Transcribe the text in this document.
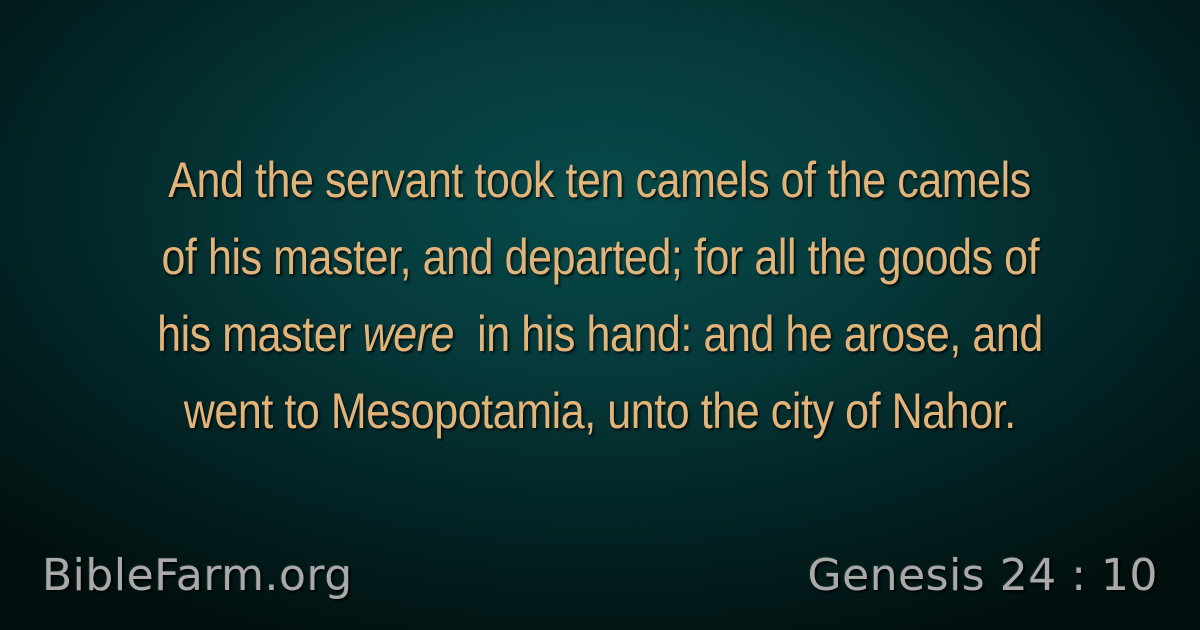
And the servant took ten camels of the camels
of his master, and departed; for all the goods of
his master were  in his hand: and he arose, and
went to Mesopotamia, unto the city of Nahor.
BibleFarm.org	Genesis 24 : 10
